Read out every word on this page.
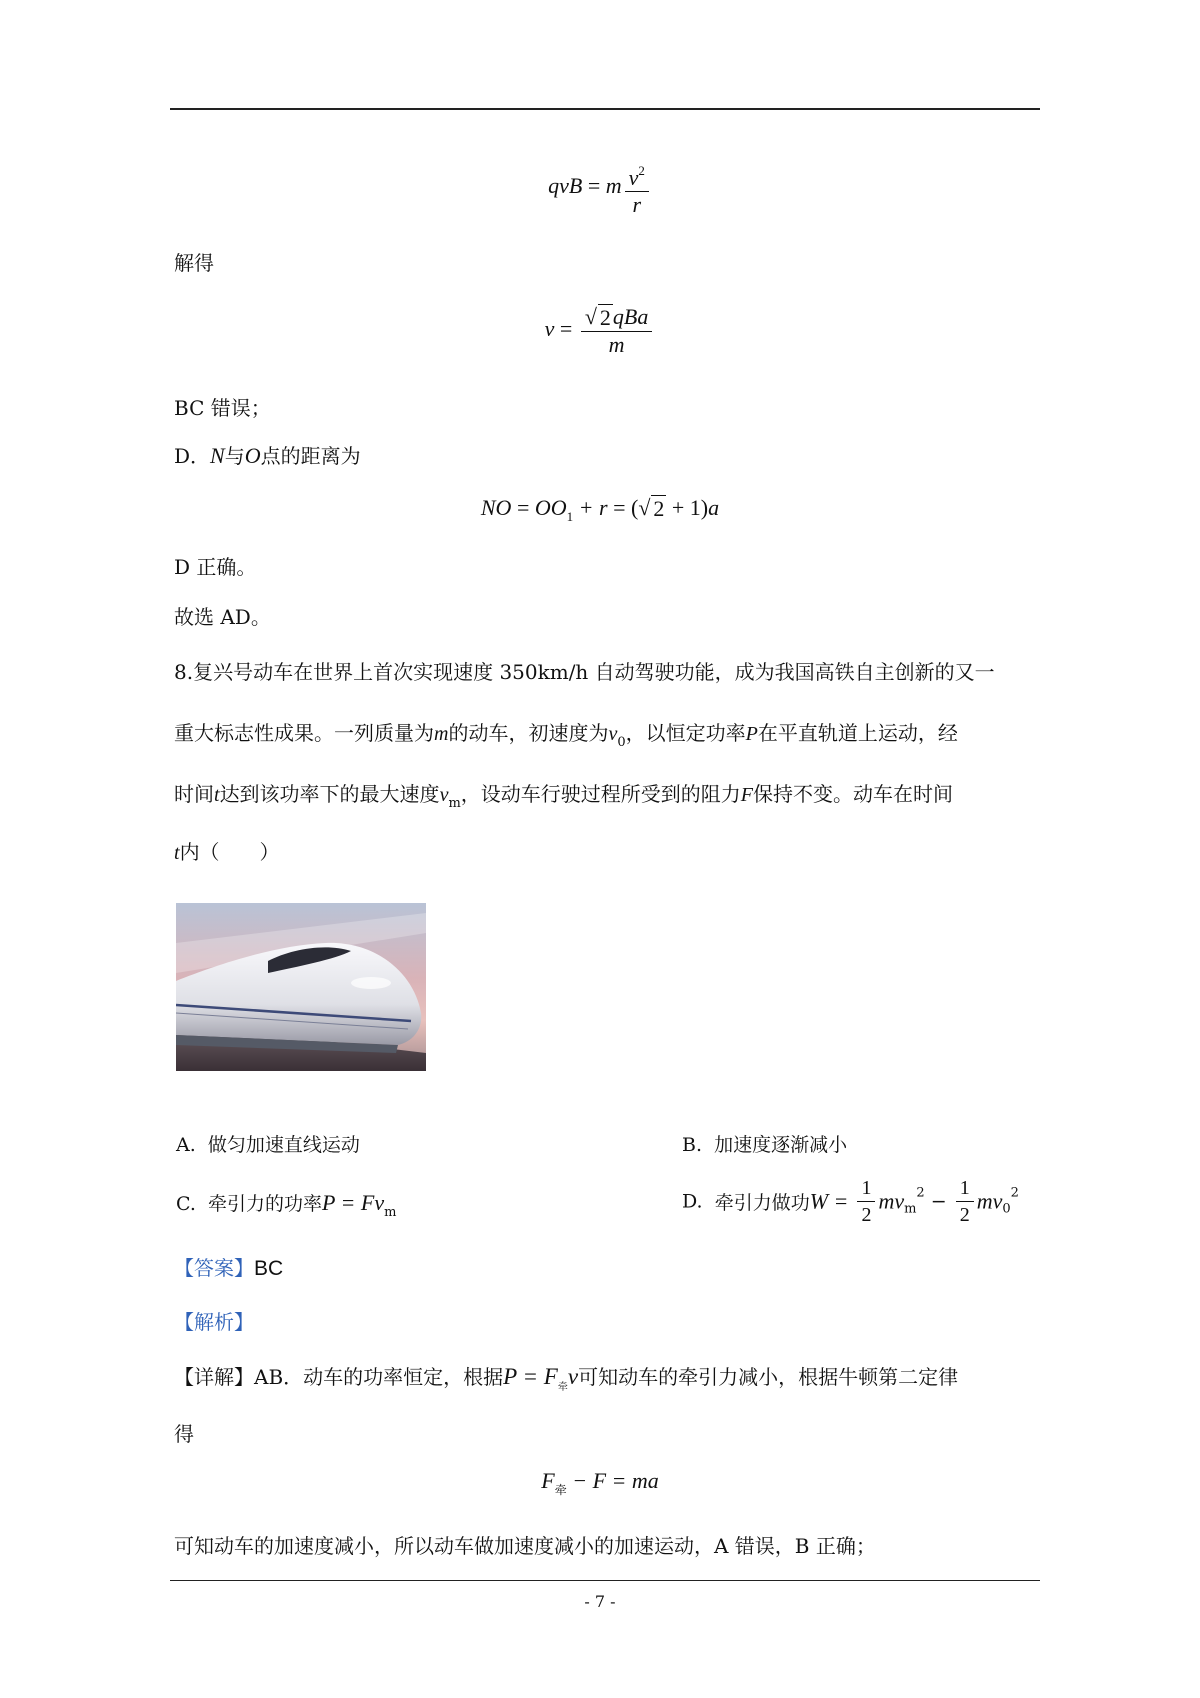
qvB = m $\frac{v^2}{r}$
解得
$v = \frac{\text{√ 2 qBa}}{m}$
BC 错误；
D．N与O点的距离为
NO = $OO_1 + r$ = ( √ 2 + 1)a
D 正确。
故选 AD。
8.复兴号动车在世界上首次实现速度 350km/h 自动驾驶功能，成为我国高铁自主创新的又一
重大标志性成果。一列质量为m的动车，初速度为$v_0$，以恒定功率P在平直轨道上运动，经
时间t达到该功率下的最大速度$v_m$，设动车行驶过程所受到的阻力F保持不变。动车在时间
t内（　　）
A. 做匀加速直线运动	B. 加速度逐渐减小
C. 牵引力的功率$P = Fv_m$	D. 牵引力做功$W = \frac{1}{2} mv_m^2 - \frac{1}{2} mv_0^2$
【答案】BC
【解析】
【详解】AB．动车的功率恒定，根据$P = F_牵v$可知动车的牵引力减小，根据牛顿第二定律
得
$F_牵 - F$ = ma
可知动车的加速度减小，所以动车做加速度减小的加速运动，A 错误，B 正确；
- 7 -
